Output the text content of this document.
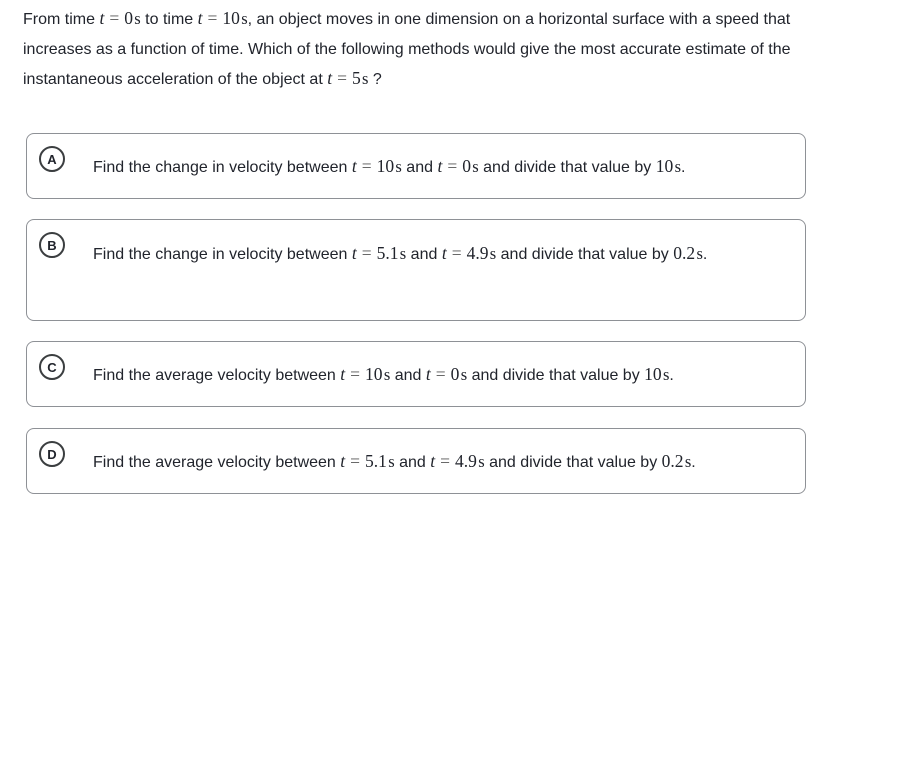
From time t = 0 s to time t = 10 s, an object moves in one dimension on a horizontal surface with a speed that increases as a function of time. Which of the following methods would give the most accurate estimate of the instantaneous acceleration of the object at t = 5 s ?
A	Find the change in velocity between t = 10 s and t = 0 s and divide that value by 10 s.
B
Find the change in velocity between t = 5.1 s and t = 4.9 s and divide that value by 0.2 s.
C	Find the average velocity between t = 10 s and t = 0 s and divide that value by 10 s.
D	Find the average velocity between t = 5.1 s and t = 4.9 s and divide that value by 0.2 s.
